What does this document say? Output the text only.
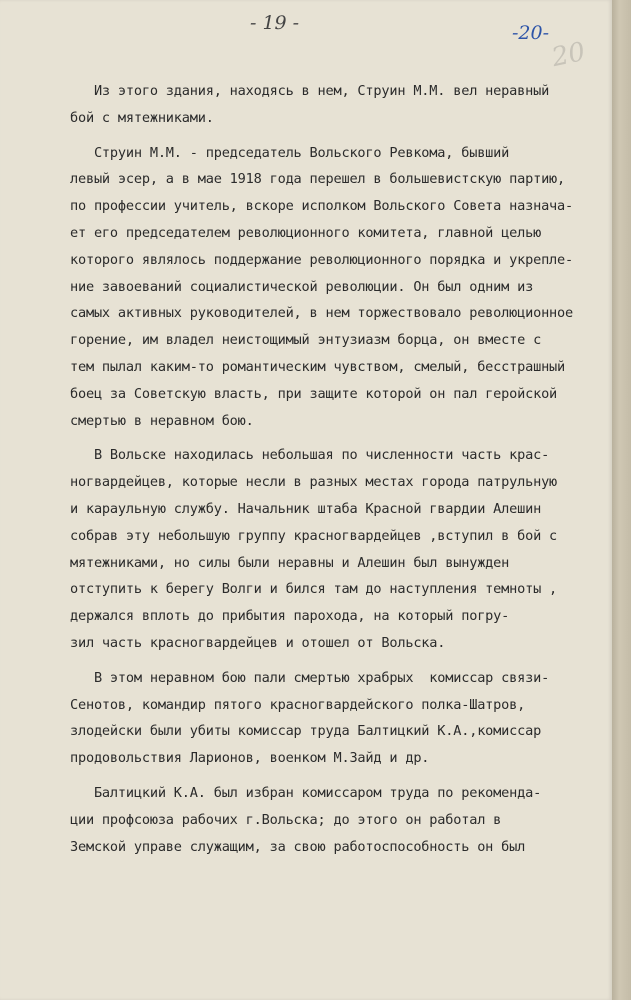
- 19 -	-20-
20
Из этого здания, находясь в нем, Струин М.М. вел неравный
бой с мятежниками.
Струин М.М. - председатель Вольского Ревкома, бывший
левый эсер, а в мае 1918 года перешел в большевистскую партию,
по профессии учитель, вскоре исполком Вольского Совета назнача-
ет его председателем революционного комитета, главной целью
которого являлось поддержание революционного порядка и укрепле-
ние завоеваний социалистической революции. Он был одним из
самых активных руководителей, в нем торжествовало революционное
горение, им владел неистощимый энтузиазм борца, он вместе с
тем пылал каким-то романтическим чувством, смелый, бесстрашный
боец за Советскую власть, при защите которой он пал геройской
смертью в неравном бою.
В Вольске находилась небольшая по численности часть крас-
ногвардейцев, которые несли в разных местах города патрульную
и караульную службу. Начальник штаба Красной гвардии Алешин
собрав эту небольшую группу красногвардейцев ,вступил в бой с
мятежниками, но силы были неравны и Алешин был вынужден
отступить к берегу Волги и бился там до наступления темноты ,
держался вплоть до прибытия парохода, на который погру-
зил часть красногвардейцев и отошел от Вольска.
В этом неравном бою пали смертью храбрых  комиссар связи-
Сенотов, командир пятого красногвардейского полка-Шатров,
злодейски были убиты комиссар труда Балтицкий К.А.,комиссар
продовольствия Ларионов, военком М.Зайд и др.
Балтицкий К.А. был избран комиссаром труда по рекоменда-
ции профсоюза рабочих г.Вольска; до этого он работал в
Земской управе служащим, за свою работоспособность он был
